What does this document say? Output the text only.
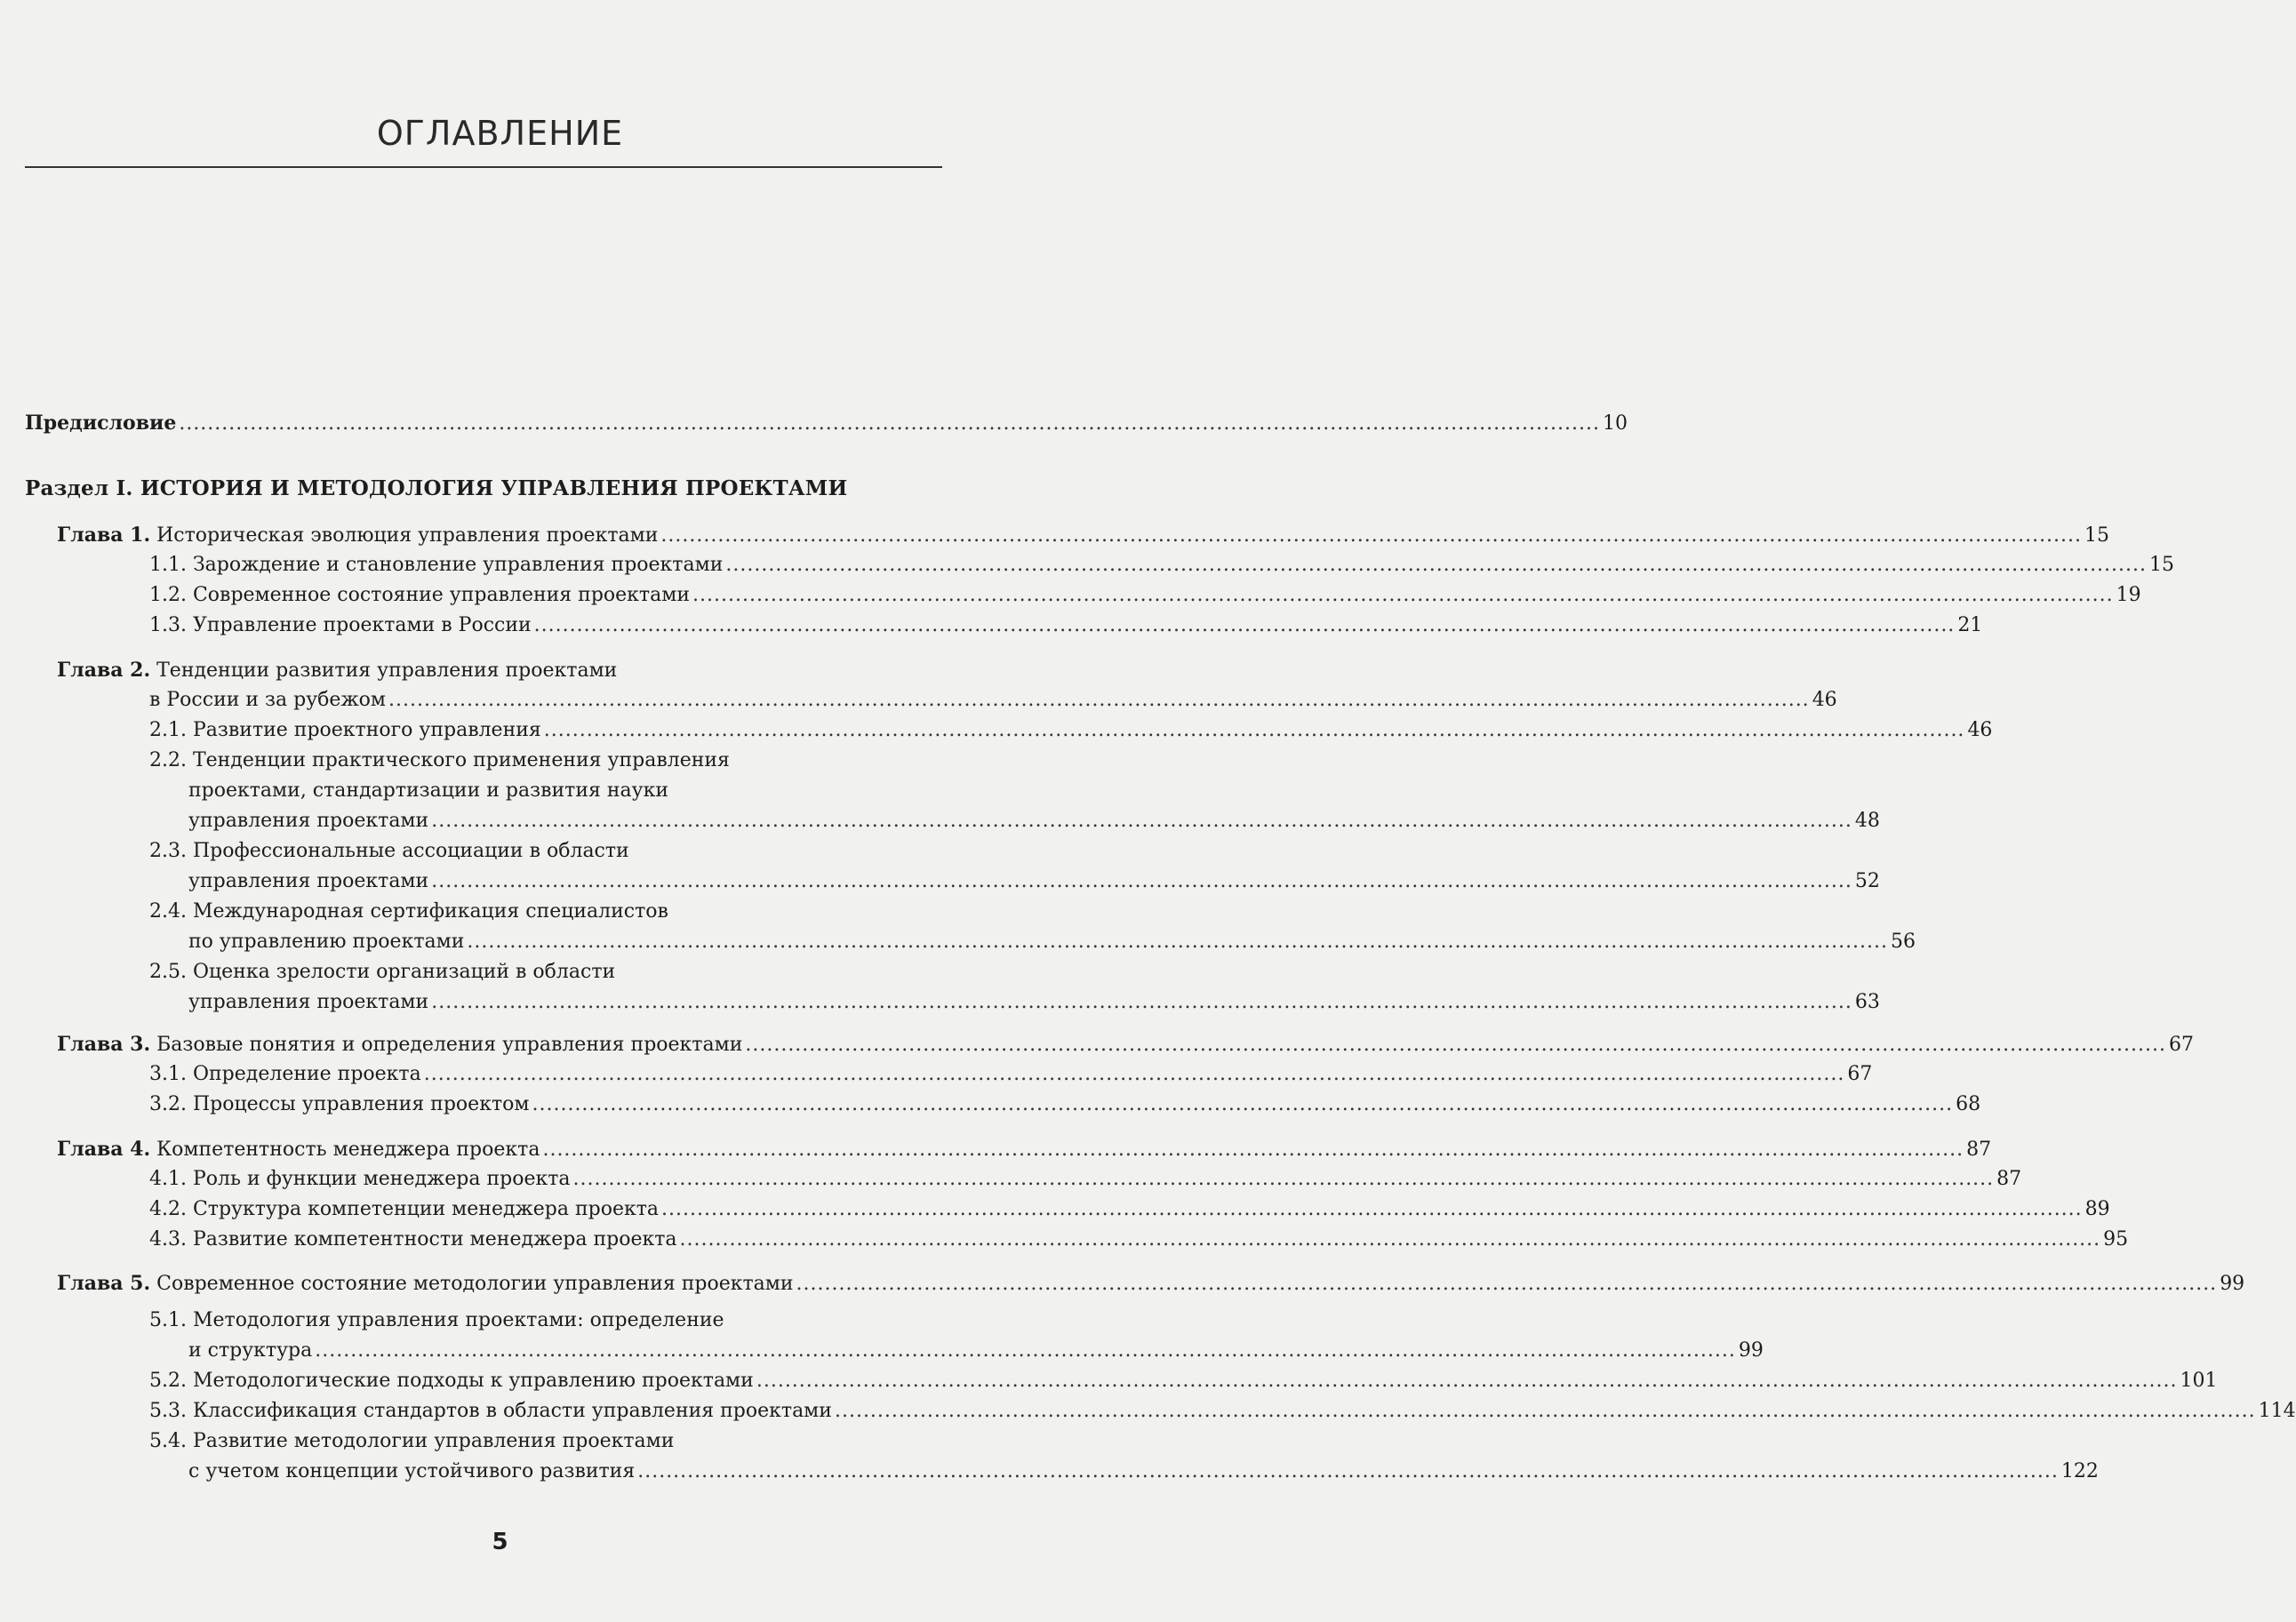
ОГЛАВЛЕНИЕ
Предисловие .....	10
Раздел I. ИСТОРИЯ И МЕТОДОЛОГИЯ УПРАВЛЕНИЯ ПРОЕКТАМИ
Глава 1. Историческая эволюция управления проектами .....	15
1.1. Зарождение и становление управления проектами .....	15
1.2. Современное состояние управления проектами .....	19
1.3. Управление проектами в России .....	21
Глава 2. Тенденции развития управления проектами
в России и за рубежом .....	46
2.1. Развитие проектного управления .....	46
2.2. Тенденции практического применения управления
проектами, стандартизации и развития науки
управления проектами .....	48
2.3. Профессиональные ассоциации в области
управления проектами .....	52
2.4. Международная сертификация специалистов
по управлению проектами .....	56
2.5. Оценка зрелости организаций в области
управления проектами .....	63
Глава 3. Базовые понятия и определения управления проектами .....	67
3.1. Определение проекта .....	67
3.2. Процессы управления проектом .....	68
Глава 4. Компетентность менеджера проекта .....	87
4.1. Роль и функции менеджера проекта .....	87
4.2. Структура компетенции менеджера проекта .....	89
4.3. Развитие компетентности менеджера проекта .....	95
Глава 5. Современное состояние методологии управления проектами .....	99
5.1. Методология управления проектами: определение
и структура .....	99
5.2. Методологические подходы к управлению проектами .....	101
5.3. Классификация стандартов в области управления проектами .....	114
5.4. Развитие методологии управления проектами
с учетом концепции устойчивого развития .....	122
5
